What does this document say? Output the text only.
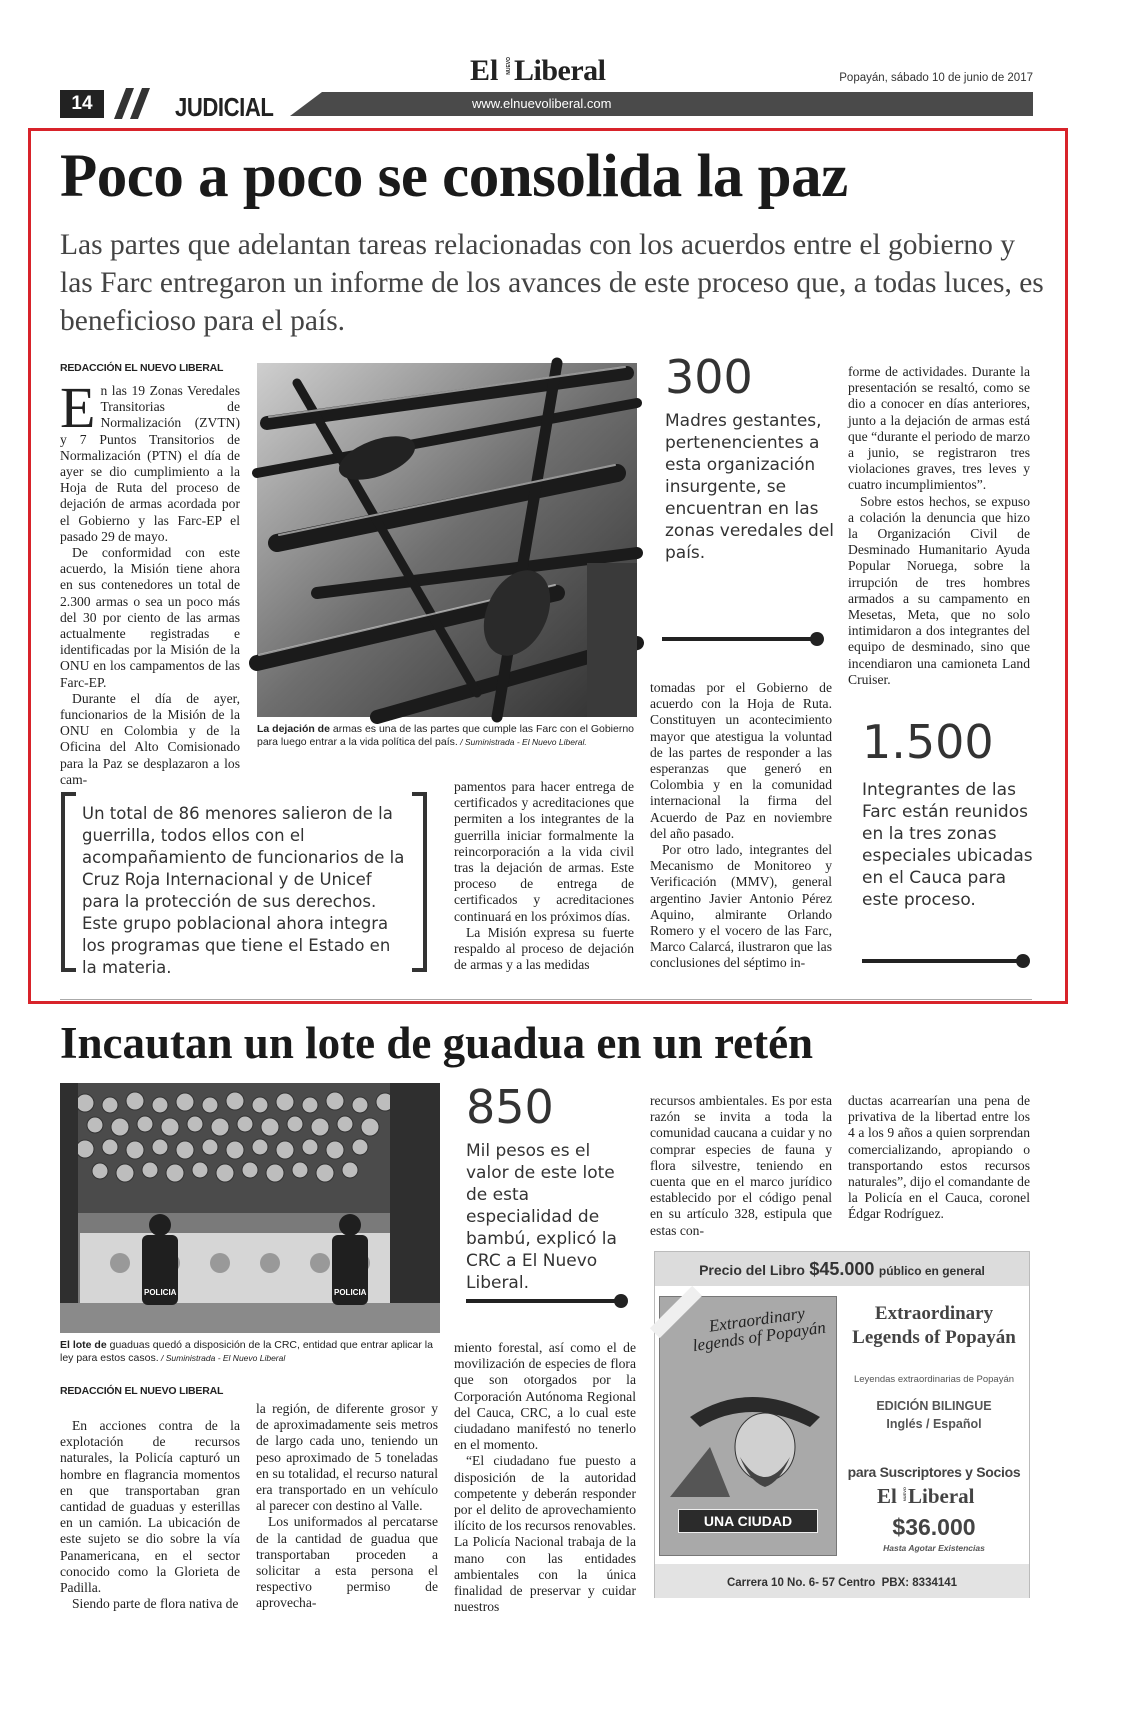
El NUEVO Liberal	Popayán, sábado 10 de junio de 2017
14	JUDICIAL	www.elnuevoliberal.com
Poco a poco se consolida la paz
Las partes que adelantan tareas relacionadas con los acuerdos entre el gobierno y las Farc entregaron un informe de los avances de este proceso que, a todas luces, es beneficioso para el país.
REDACCIÓN EL NUEVO LIBERAL
E n las 19 Zonas Veredales Transitorias de Normalización (ZVTN) y 7 Puntos Transitorios de Normalización (PTN) el día de ayer se dio cumplimiento a la Hoja de Ruta del proceso de dejación de armas acordada por el Gobierno y las Farc-EP el pasado 29 de mayo.

De conformidad con este acuerdo, la Misión tiene ahora en sus contenedores un total de 2.300 armas o sea un poco más del 30 por ciento de las armas actualmente registradas e identificadas por la Misión de la ONU en los campamentos de las Farc-EP.

Durante el día de ayer, funcionarios de la Misión de la ONU en Colombia y de la Oficina del Alto Comisionado para la Paz se desplazaron a los cam-

La dejación de armas es una de las partes que cumple las Farc con el Gobierno para luego entrar a la vida política del país. / Suministrada - El Nuevo Liberal.
300
Madres gestantes, pertenencientes a esta organización insurgente, se encuentran en las zonas veredales del país.

forme de actividades. Durante la presentación se resaltó, como se dio a conocer en días anteriores, junto a la dejación de armas está que “durante el periodo de marzo a junio, se registraron tres violaciones graves, tres leves y cuatro incumplimientos”.

Sobre estos hechos, se expuso a colación la denuncia que hizo la Organización Civil de Desminado Humanitario Ayuda Popular Noruega, sobre la irrupción de tres hombres armados a su campamento en Mesetas, Meta, que no solo intimidaron a dos integrantes del equipo de desminado, sino que incendiaron una camioneta Land Cruiser.

1.500
Integrantes de las Farc están reunidos en la tres zonas especiales ubicadas en el Cauca para este proceso.

tomadas por el Gobierno de acuerdo con la Hoja de Ruta. Constituyen un acontecimiento mayor que atestigua la voluntad de las partes de responder a las esperanzas que generó en Colombia y en la comunidad internacional la firma del Acuerdo de Paz en noviembre del año pasado.

Por otro lado, integrantes del Mecanismo de Monitoreo y Verificación (MMV), general argentino Javier Antonio Pérez Aquino, almirante Orlando Romero y el vocero de las Farc, Marco Calarcá, ilustraron que las conclusiones del séptimo in-

pamentos para hacer entrega de certificados y acreditaciones que permiten a los integrantes de la guerrilla iniciar formalmente la reincorporación a la vida civil tras la dejación de armas. Este proceso de entrega de certificados y acreditaciones continuará en los próximos días.

La Misión expresa su fuerte respaldo al proceso de dejación de armas y a las medidas

Un total de 86 menores salieron de la guerrilla, todos ellos con el acompañamiento de funcionarios de la Cruz Roja Internacional y de Unicef para la protección de sus derechos. Este grupo poblacional ahora integra los programas que tiene el Estado en la materia.
Incautan un lote de guadua en un retén
POLICIA	POLICIA
El lote de guaduas quedó a disposición de la CRC, entidad que entrar aplicar la ley para estos casos. / Suministrada - El Nuevo Liberal
REDACCIÓN EL NUEVO LIBERAL

En acciones contra de la explotación de recursos naturales, la Policía capturó un hombre en flagrancia momentos en que transportaban gran cantidad de guaduas y esterillas en un camión. La ubicación de este sujeto se dio sobre la vía Panamericana, en el sector conocido como la Glorieta de Padilla.

Siendo parte de flora nativa de

la región, de diferente grosor y de aproximadamente seis metros de largo cada uno, teniendo un peso aproximado de 5 toneladas en su totalidad, el recurso natural era transportado en un vehículo al parecer con destino al Valle.

Los uniformados al percatarse de la cantidad de guadua que transportaban proceden a solicitar a esta persona el respectivo permiso de aprovecha-

850
Mil pesos es el valor de este lote de esta especialidad de bambú, explicó la CRC a El Nuevo Liberal.

miento forestal, así como el de movilización de especies de flora que son otorgados por la Corporación Autónoma Regional del Cauca, CRC, a lo cual este ciudadano manifestó no tenerlo en el momento.

“El ciudadano fue puesto a disposición de la autoridad competente y deberán responder por el delito de aprovechamiento ilícito de los recursos renovables. La Policía Nacional trabaja de la mano con las entidades ambientales con la única finalidad de preservar y cuidar nuestros

recursos ambientales. Es por esta razón se invita a toda la comunidad caucana a cuidar y no comprar especies de fauna y flora silvestre, teniendo en cuenta que en el marco jurídico establecido por el código penal en su artículo 328, estipula que estas con-

ductas acarrearían una pena de privativa de la libertad entre los 4 a los 9 años a quien sorprendan comercializando, apropiando o transportando estos recursos naturales”, dijo el comandante de la Policía en el Cauca, coronel Édgar Rodríguez.

Precio del Libro $45.000 público en general
Extraordinary legends of Popayán
UNA CIUDAD
Extraordinary Legends of Popayán
Leyendas extraordinarias de Popayán
EDICIÓN BILINGUE
Inglés / Español
para Suscriptores y Socios
El NUEVO Liberal
$36.000
Hasta Agotar Existencias
Carrera 10 No. 6- 57 Centro  PBX: 8334141
